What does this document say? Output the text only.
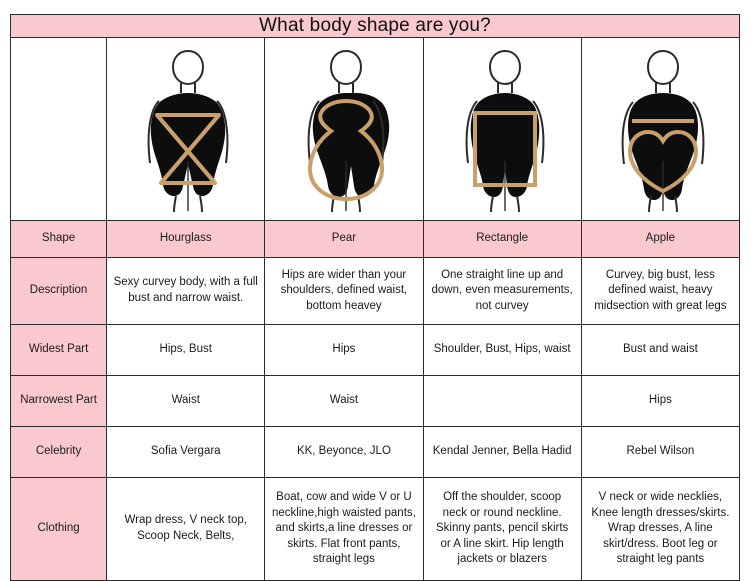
What body shape are you?

Shape	Hourglass	Pear	Rectangle	Apple
Description	Sexy curvey body, with a full bust and narrow waist.	Hips are wider than your shoulders, defined waist, bottom heavey	One straight line up and down, even measurements, not curvey	Curvey, big bust, less defined waist, heavy midsection with great legs
Widest Part	Hips, Bust	Hips	Shoulder, Bust, Hips, waist	Bust and waist
Narrowest Part	Waist	Waist		Hips
Celebrity	Sofia Vergara	KK, Beyonce, JLO	Kendal Jenner, Bella Hadid	Rebel Wilson
Clothing	Wrap dress, V neck top, Scoop Neck, Belts,	Boat, cow and wide V or U neckline,high waisted pants, and skirts,a line dresses or skirts. Flat front pants, straight legs	Off the shoulder, scoop neck or round neckline. Skinny pants, pencil skirts or A line skirt. Hip length jackets or blazers	V neck or wide necklies, Knee length dresses/skirts. Wrap dresses, A line skirt/dress. Boot leg or straight leg pants
